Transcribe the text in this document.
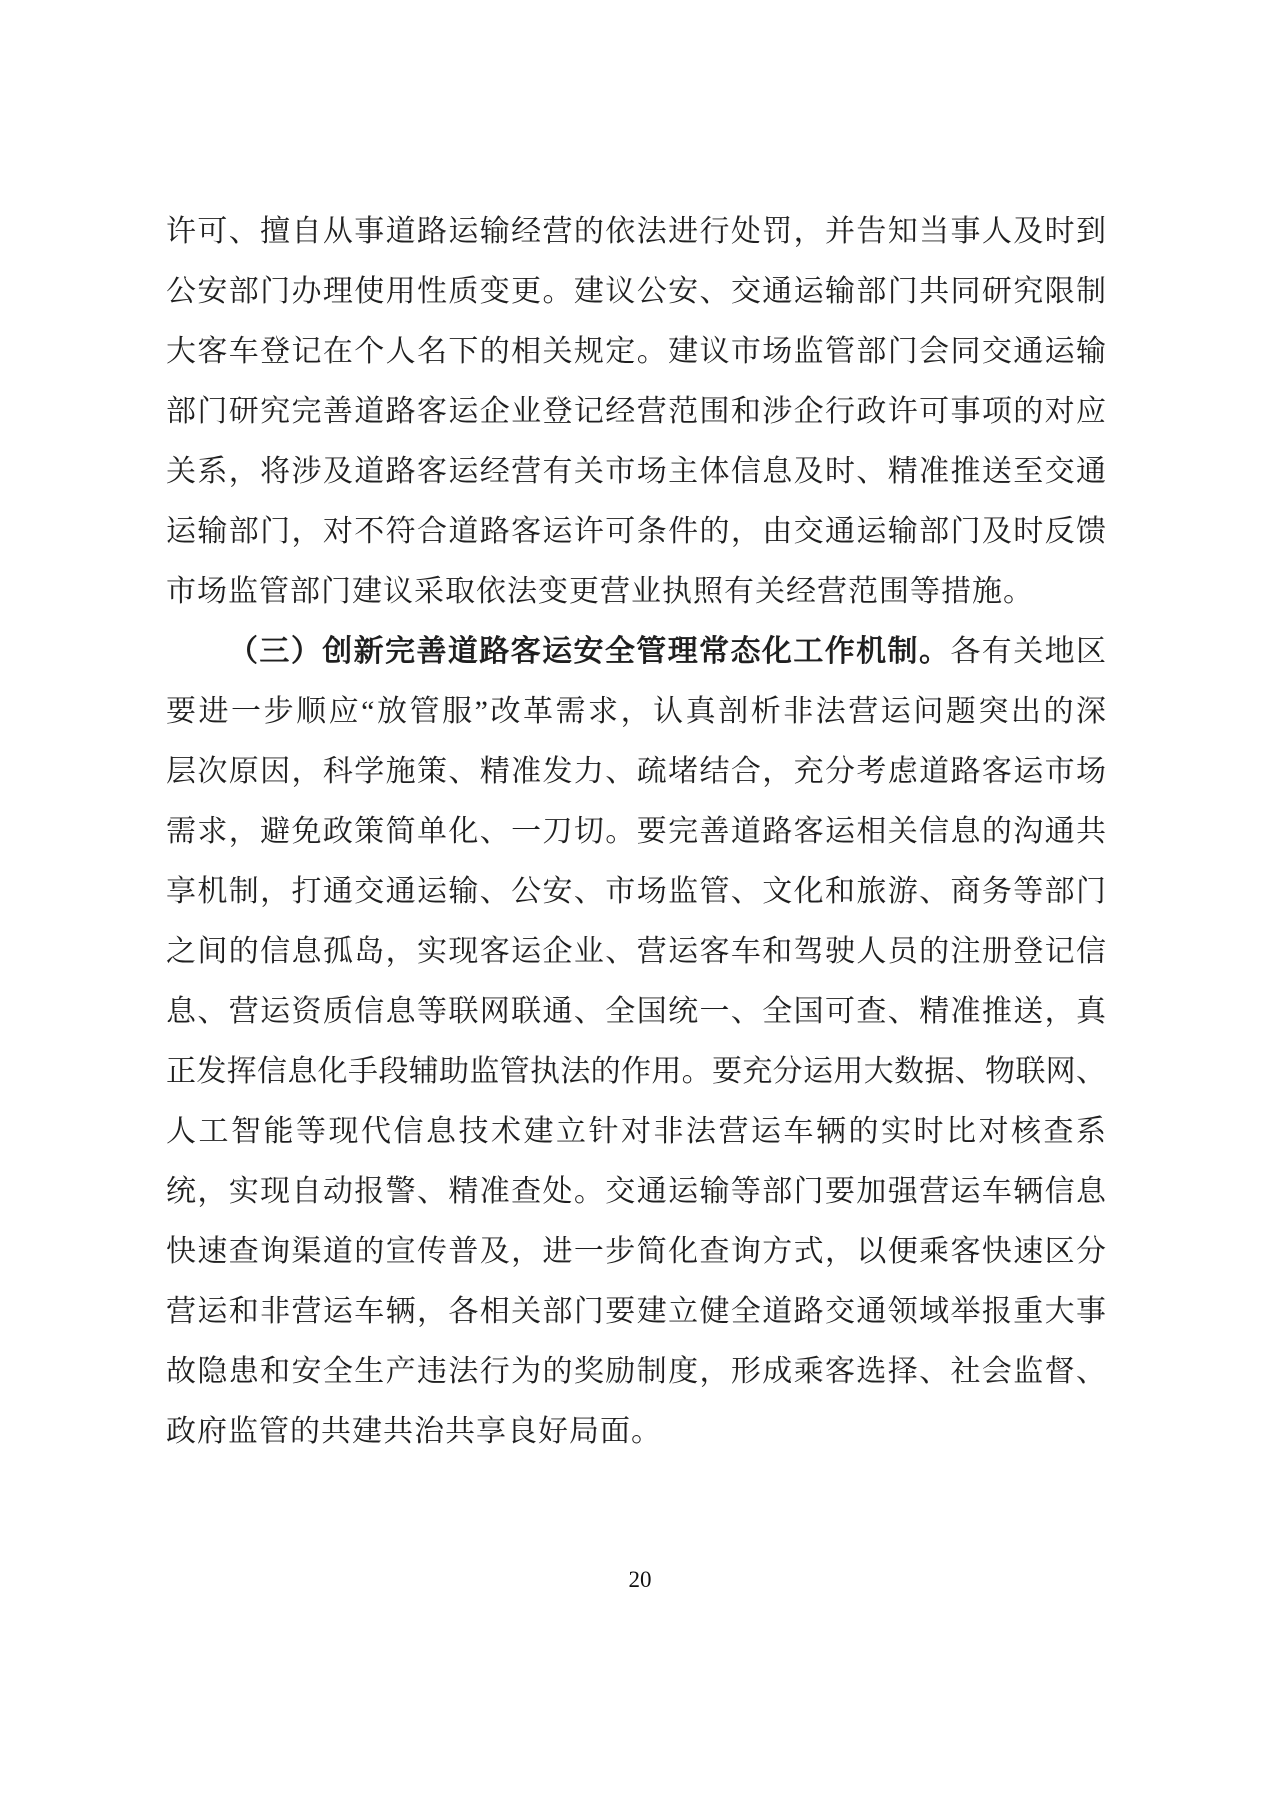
许可、擅自从事道路运输经营的依法进行处罚，并告知当事人及时到
公安部门办理使用性质变更。建议公安、交通运输部门共同研究限制
大客车登记在个人名下的相关规定。建议市场监管部门会同交通运输
部门研究完善道路客运企业登记经营范围和涉企行政许可事项的对应
关系，将涉及道路客运经营有关市场主体信息及时、精准推送至交通
运输部门，对不符合道路客运许可条件的，由交通运输部门及时反馈
市场监管部门建议采取依法变更营业执照有关经营范围等措施。
（三）创新完善道路客运安全管理常态化工作机制。各有关地区
要进一步顺应“放管服”改革需求，认真剖析非法营运问题突出的深
层次原因，科学施策、精准发力、疏堵结合，充分考虑道路客运市场
需求，避免政策简单化、一刀切。要完善道路客运相关信息的沟通共
享机制，打通交通运输、公安、市场监管、文化和旅游、商务等部门
之间的信息孤岛，实现客运企业、营运客车和驾驶人员的注册登记信
息、营运资质信息等联网联通、全国统一、全国可查、精准推送，真
正发挥信息化手段辅助监管执法的作用。要充分运用大数据、物联网、
人工智能等现代信息技术建立针对非法营运车辆的实时比对核查系
统，实现自动报警、精准查处。交通运输等部门要加强营运车辆信息
快速查询渠道的宣传普及，进一步简化查询方式，以便乘客快速区分
营运和非营运车辆，各相关部门要建立健全道路交通领域举报重大事
故隐患和安全生产违法行为的奖励制度，形成乘客选择、社会监督、
政府监管的共建共治共享良好局面。
20
